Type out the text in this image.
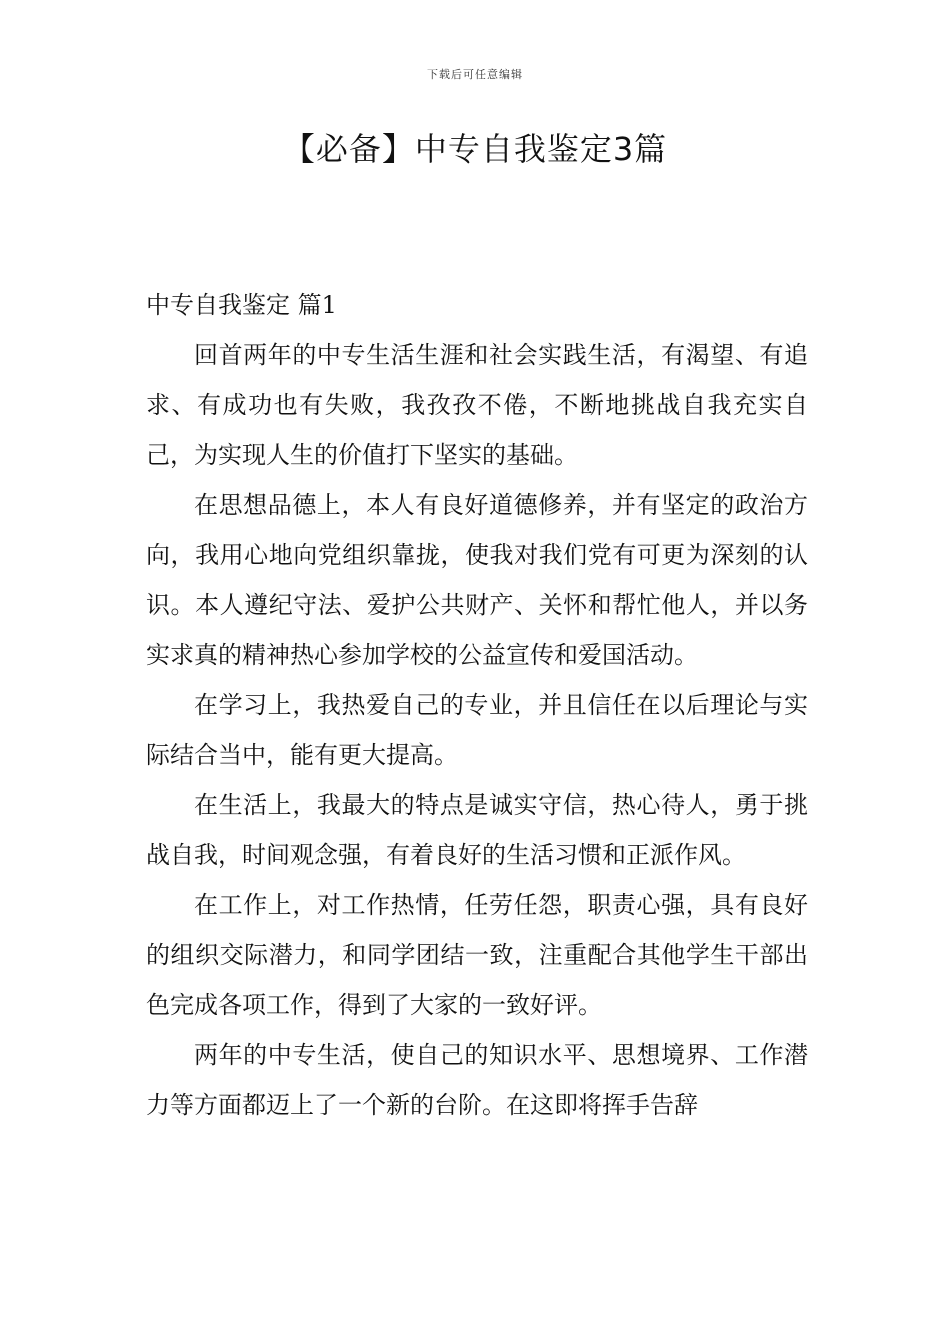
下载后可任意编辑
【必备】中专自我鉴定3篇
中专自我鉴定 篇1

回首两年的中专生活生涯和社会实践生活，有渴望、有追求、有成功也有失败，我孜孜不倦，不断地挑战自我充实自己，为实现人生的价值打下坚实的基础。

在思想品德上，本人有良好道德修养，并有坚定的政治方向，我用心地向党组织靠拢，使我对我们党有可更为深刻的认识。本人遵纪守法、爱护公共财产、关怀和帮忙他人，并以务实求真的精神热心参加学校的公益宣传和爱国活动。

在学习上，我热爱自己的专业，并且信任在以后理论与实际结合当中，能有更大提高。

在生活上，我最大的特点是诚实守信，热心待人，勇于挑战自我，时间观念强，有着良好的生活习惯和正派作风。

在工作上，对工作热情，任劳任怨，职责心强，具有良好的组织交际潜力，和同学团结一致，注重配合其他学生干部出色完成各项工作，得到了大家的一致好评。

两年的中专生活，使自己的知识水平、思想境界、工作潜力等方面都迈上了一个新的台阶。在这即将挥手告辞
